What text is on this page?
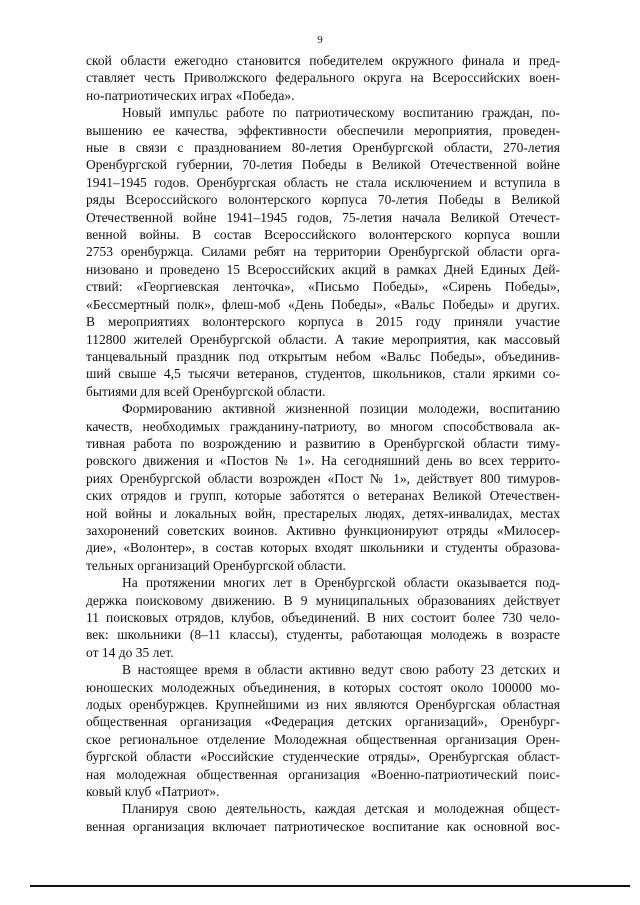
9
ской области ежегодно становится победителем окружного финала и пред-
ставляет честь Приволжского федерального округа на Всероссийских воен-
но-патриотических играх «Победа».
Новый импульс работе по патриотическому воспитанию граждан, по-
вышению ее качества, эффективности обеспечили мероприятия, проведен-
ные в связи с празднованием 80-летия Оренбургской области, 270-летия
Оренбургской губернии, 70-летия Победы в Великой Отечественной войне
1941–1945 годов. Оренбургская область не стала исключением и вступила в
ряды Всероссийского волонтерского корпуса 70-летия Победы в Великой
Отечественной войне 1941–1945 годов, 75-летия начала Великой Отечест-
венной войны. В состав Всероссийского волонтерского корпуса вошли
2753 оренбуржца. Силами ребят на территории Оренбургской области орга-
низовано и проведено 15 Всероссийских акций в рамках Дней Единых Дей-
ствий: «Георгиевская ленточка», «Письмо Победы», «Сирень Победы»,
«Бессмертный полк», флеш-моб «День Победы», «Вальс Победы» и других.
В мероприятиях волонтерского корпуса в 2015 году приняли участие
112800 жителей Оренбургской области. А такие мероприятия, как массовый
танцевальный праздник под открытым небом «Вальс Победы», объединив-
ший свыше 4,5 тысячи ветеранов, студентов, школьников, стали яркими со-
бытиями для всей Оренбургской области.
Формированию активной жизненной позиции молодежи, воспитанию
качеств, необходимых гражданину-патриоту, во многом способствовала ак-
тивная работа по возрождению и развитию в Оренбургской области тиму-
ровского движения и «Постов № 1». На сегодняшний день во всех террито-
риях Оренбургской области возрожден «Пост № 1», действует 800 тимуров-
ских отрядов и групп, которые заботятся о ветеранах Великой Отечествен-
ной войны и локальных войн, престарелых людях, детях-инвалидах, местах
захоронений советских воинов. Активно функционируют отряды «Милосер-
дие», «Волонтер», в состав которых входят школьники и студенты образова-
тельных организаций Оренбургской области.
На протяжении многих лет в Оренбургской области оказывается под-
держка поисковому движению. В 9 муниципальных образованиях действует
11 поисковых отрядов, клубов, объединений. В них состоит более 730 чело-
век: школьники (8–11 классы), студенты, работающая молодежь в возрасте
от 14 до 35 лет.
В настоящее время в области активно ведут свою работу 23 детских и
юношеских молодежных объединения, в которых состоят около 100000 мо-
лодых оренбуржцев. Крупнейшими из них являются Оренбургская областная
общественная организация «Федерация детских организаций», Оренбург-
ское региональное отделение Молодежная общественная организация Орен-
бургской области «Российские студенческие отряды», Оренбургская област-
ная молодежная общественная организация «Военно-патриотический поис-
ковый клуб «Патриот».
Планируя свою деятельность, каждая детская и молодежная общест-
венная организация включает патриотическое воспитание как основной вос-
